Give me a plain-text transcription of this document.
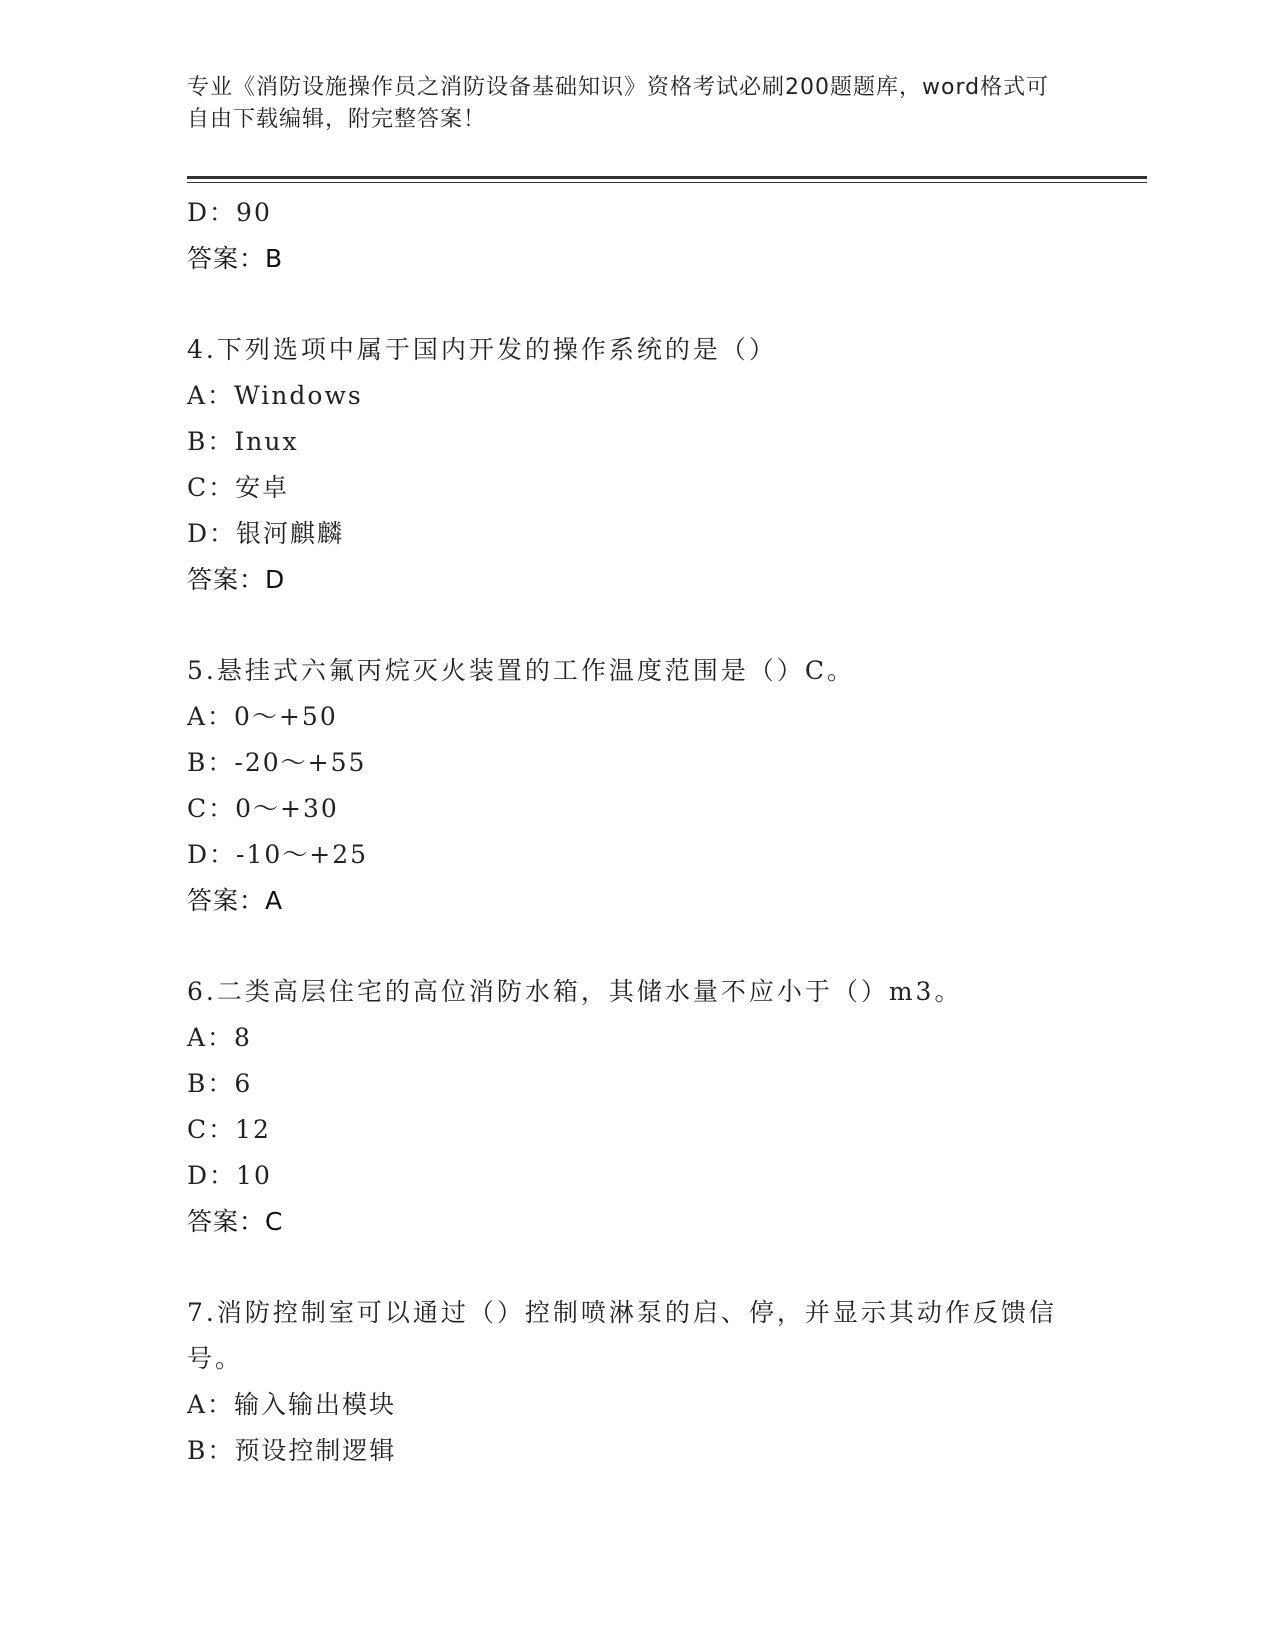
专业《消防设施操作员之消防设备基础知识》资格考试必刷200题题库，word格式可自由下载编辑，附完整答案！
D：90
答案：B
4.下列选项中属于国内开发的操作系统的是（）
A：Windows
B：Inux
C：安卓
D：银河麒麟
答案：D
5.悬挂式六氟丙烷灭火装置的工作温度范围是（）C。
A：0～+50
B：-20～+55
C：0～+30
D：-10～+25
答案：A
6.二类高层住宅的高位消防水箱，其储水量不应小于（）m3。
A：8
B：6
C：12
D：10
答案：C
7.消防控制室可以通过（）控制喷淋泵的启、停，并显示其动作反馈信号。
A：输入输出模块
B：预设控制逻辑
